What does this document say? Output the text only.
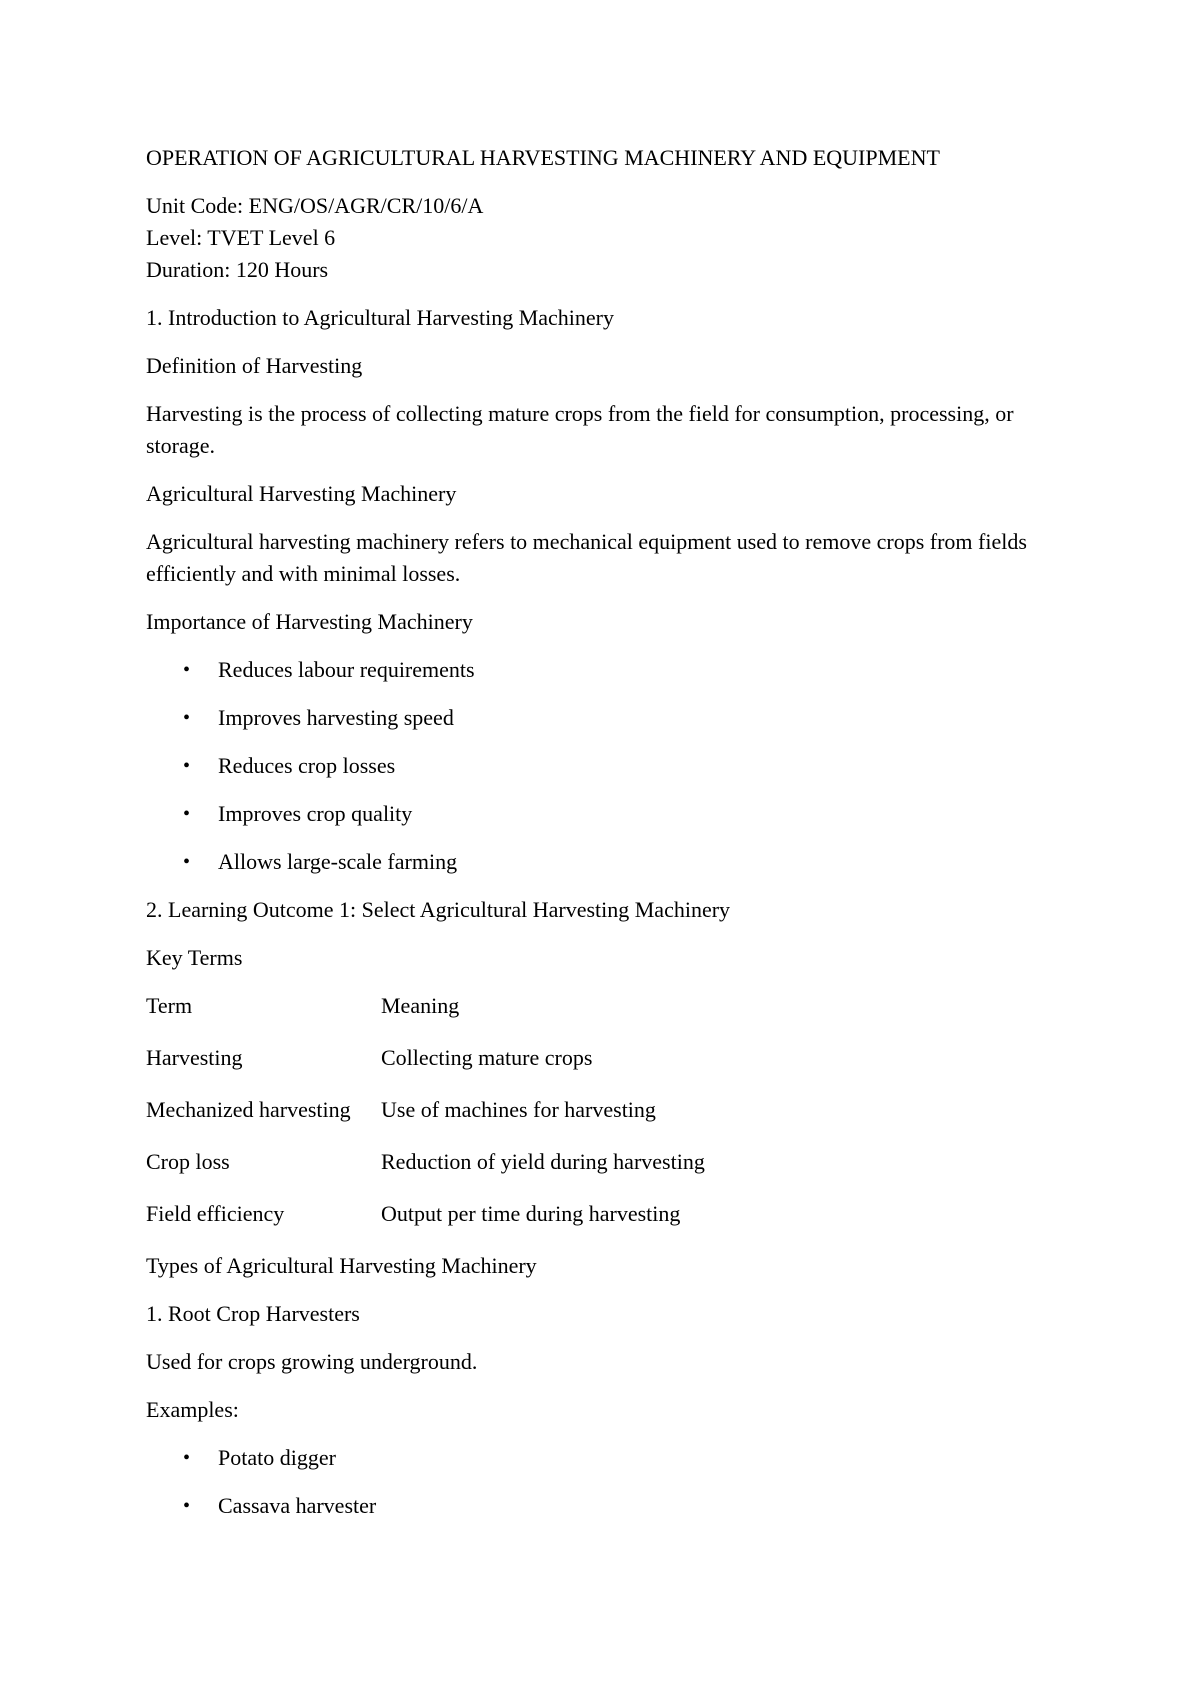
OPERATION OF AGRICULTURAL HARVESTING MACHINERY AND EQUIPMENT

Unit Code: ENG/OS/AGR/CR/10/6/A
Level: TVET Level 6
Duration: 120 Hours

1. Introduction to Agricultural Harvesting Machinery

Definition of Harvesting

Harvesting is the process of collecting mature crops from the field for consumption, processing, or storage.

Agricultural Harvesting Machinery

Agricultural harvesting machinery refers to mechanical equipment used to remove crops from fields efficiently and with minimal losses.

Importance of Harvesting Machinery

• Reduces labour requirements
• Improves harvesting speed
• Reduces crop losses
• Improves crop quality
• Allows large-scale farming

2. Learning Outcome 1: Select Agricultural Harvesting Machinery

Key Terms

Term	Meaning
Harvesting	Collecting mature crops
Mechanized harvesting	Use of machines for harvesting
Crop loss	Reduction of yield during harvesting
Field efficiency	Output per time during harvesting

Types of Agricultural Harvesting Machinery

1. Root Crop Harvesters

Used for crops growing underground.

Examples:

• Potato digger
• Cassava harvester
